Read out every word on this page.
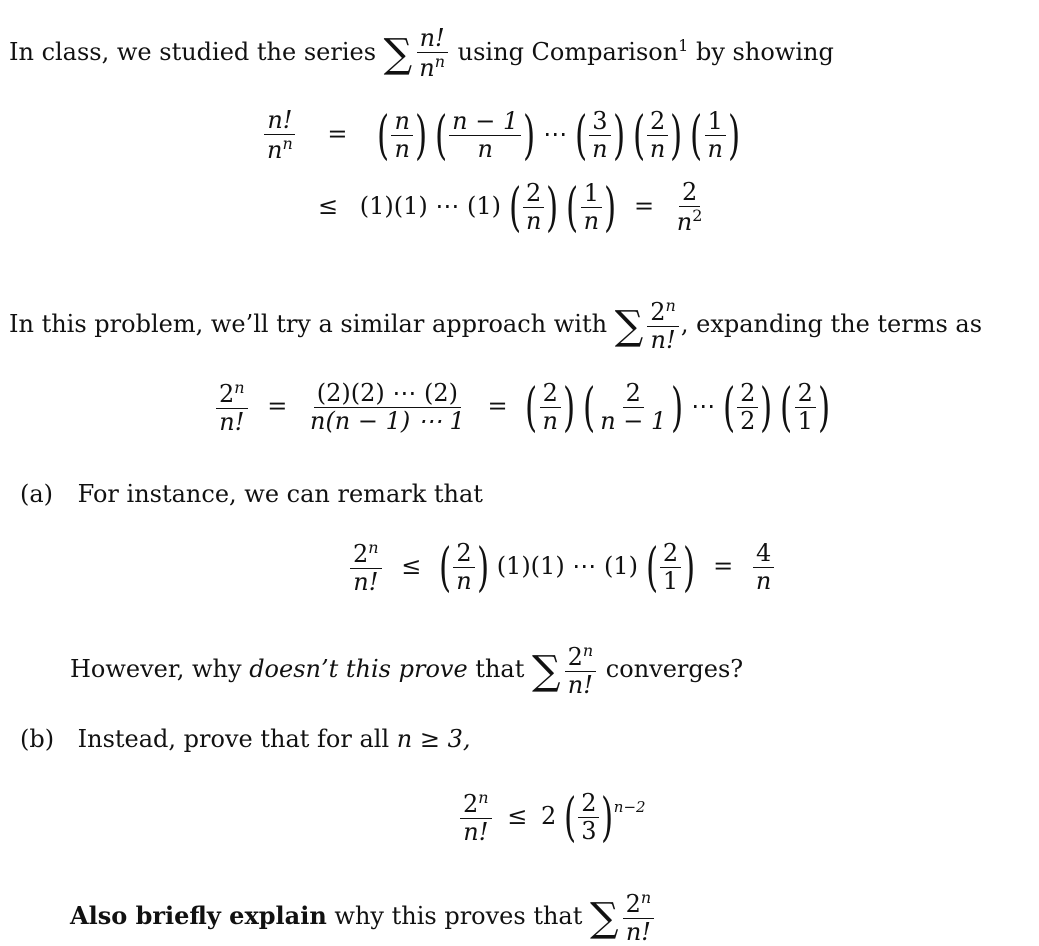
In class, we studied the series ∑ $\frac{n!}{n^n}$ using Comparison$^1$ by showing
$\frac{n!}{n^n}$ = ( $\frac{n}{n}$ ) ( $\frac{n - 1}{n}$ ) ⋯ ( $\frac{3}{n}$ ) ( $\frac{2}{n}$ ) ( $\frac{1}{n}$ )
≤ (1)(1) ⋯ (1) ( $\frac{2}{n}$ ) ( $\frac{1}{n}$ ) = $\frac{2}{n^2}$
In this problem, we’ll try a similar approach with ∑ $\frac{2^n}{n!}$ , expanding the terms as
$\frac{2^n}{n!} = \frac{(2)(2) \cdots (2)}{n(n - 1) \cdots 1}$ = ( $\frac{2}{n}$ ) ( $\frac{2}{n - 1}$ ) ⋯ ( $\frac{2}{2}$ ) ( $\frac{2}{1}$ )
(a) For instance, we can remark that
$\frac{2^n}{n!}$ ≤ ( $\frac{2}{n}$ ) (1)(1) ⋯ (1) ( $\frac{2}{1}$ ) = $\frac{4}{n}$
However, why doesn’t this prove that ∑ $\frac{2^n}{n!}$ converges?
(b) Instead, prove that for all n ≥ 3,
$\frac{2^n}{n!} \le 2$ ( $\frac{2}{3} )^{n-2}$
Also briefly explain why this proves that ∑ $\frac{2^n}{n!}$
